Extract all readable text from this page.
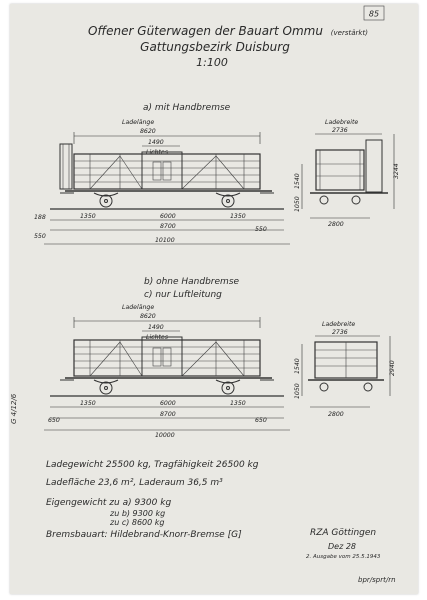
85
Offener Güterwagen der Bauart Ommu (verstärkt)
Gattungsbezirk Duisburg
1:100
a) mit Handbremse
Ladelänge
8620
1490
Lichtes
188	1350	6000	1350
550
8700	550
10100
Ladebreite
2736
3244
1540
1050
2800
b) ohne Handbremse
c) nur Luftleitung
Ladelänge
8620
1490
Lichtes
1350	6000	1350
650
8700
650
10000
Ladebreite
2736
2940
1540
1050
2800
G 4/12/6
Ladegewicht 25500 kg, Tragfähigkeit 26500 kg
Ladefläche 23,6 m², Laderaum 36,5 m³
Eigengewicht zu a) 9300 kg
zu b) 9300 kg
zu c) 8600 kg
Bremsbauart: Hildebrand-Knorr-Bremse [G]	RZA Göttingen
Dez 28
2. Ausgabe vom 25.5.1943
bpr/sprt/rn
